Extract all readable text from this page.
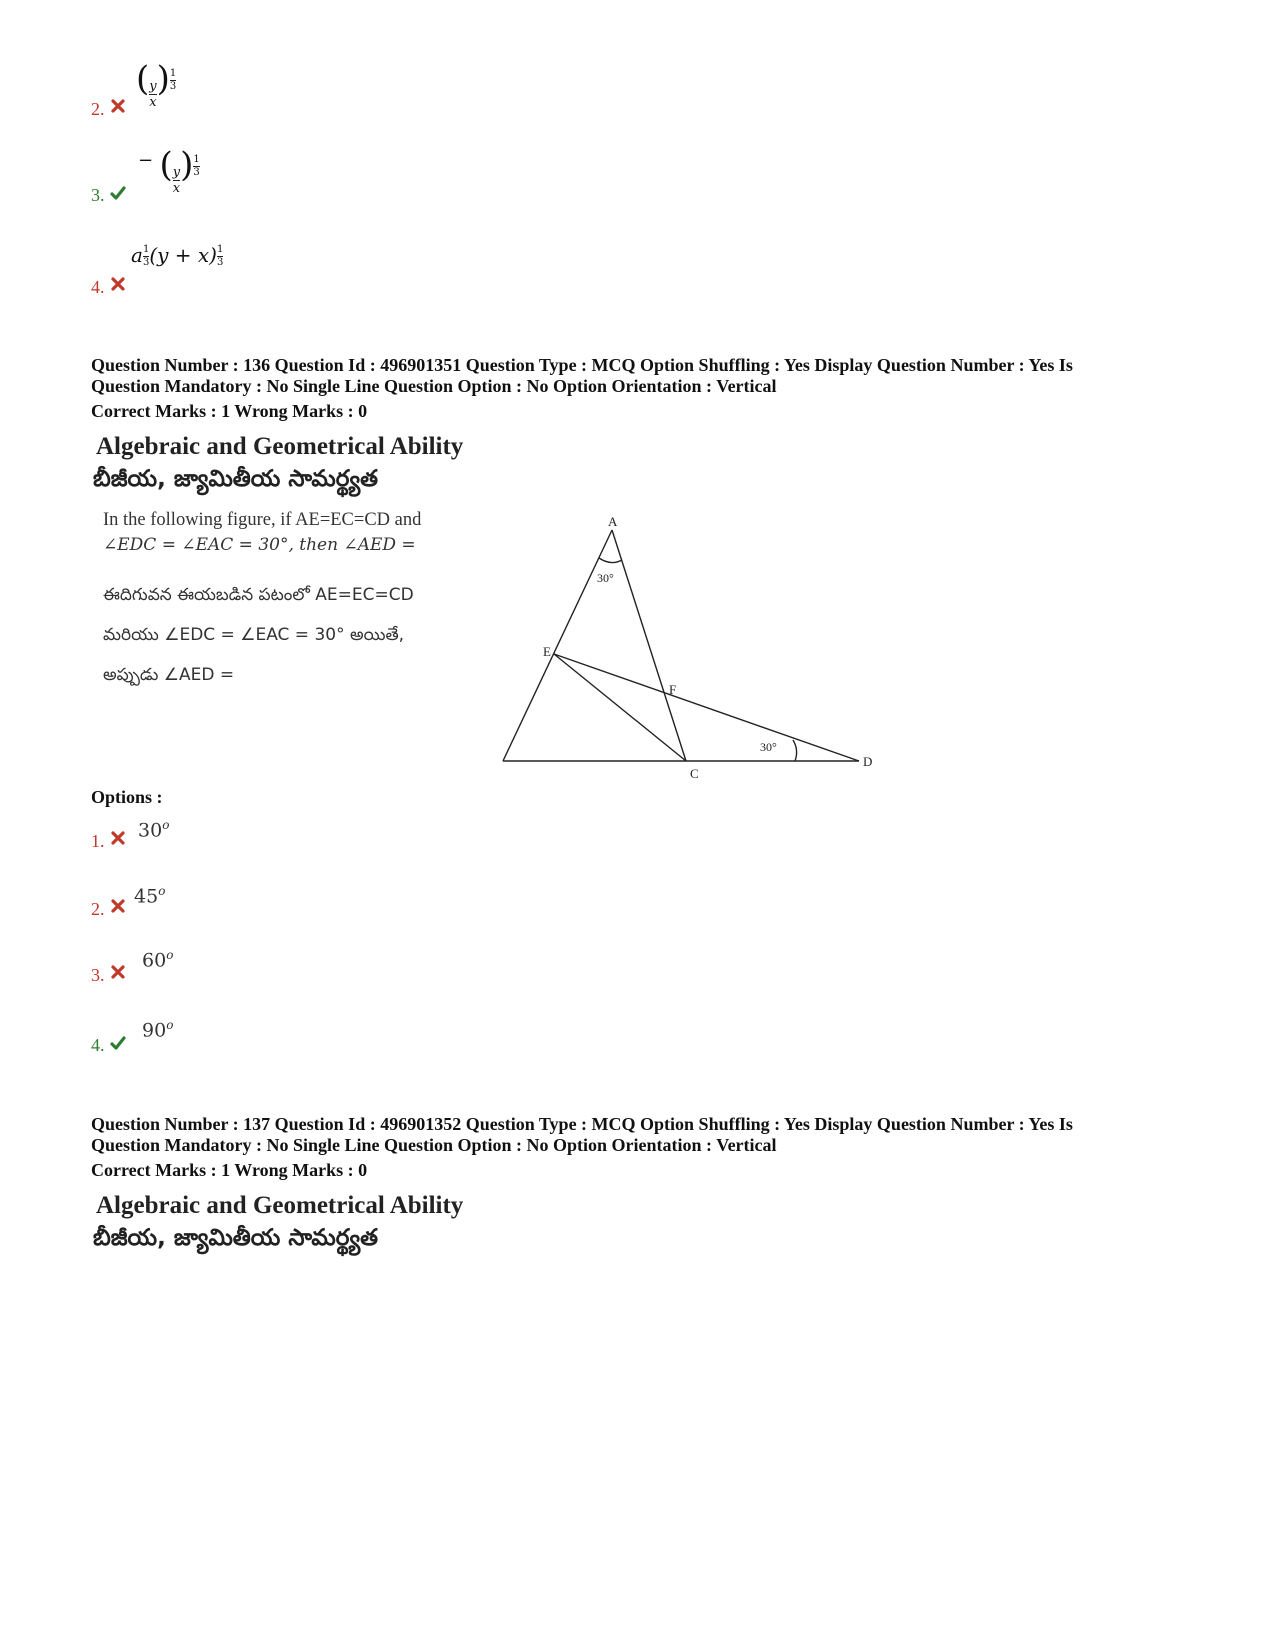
2.
( $\frac{y}{x}$ ) $\frac{1}{3}$
3.
− ( $\frac{y}{x}$ ) $\frac{1}{3}$
4.
a $\frac{1}{3} (y + x) \frac{1}{3}$
Question Number : 136 Question Id : 496901351 Question Type : MCQ Option Shuffling : Yes Display Question Number : Yes Is
Question Mandatory : No Single Line Question Option : No Option Orientation : Vertical
Correct Marks : 1 Wrong Marks : 0
Algebraic and Geometrical Ability
బీజీయ, జ్యామితీయ సామర్థ్యత
In the following figure, if AE=EC=CD and
∠EDC = ∠EAC = 30°, then ∠AED =
ఈదిగువన ఈయబడిన పటంలో AE=EC=CD
మరియు ∠EDC = ∠EAC = 30° అయితే,
అప్పుడు ∠AED =
A
E
F
C
D
30°
30°
Options :
1. 30$^o$
2.
45$^o$
3.
60$^o$
4.
90$^o$
Question Number : 137 Question Id : 496901352 Question Type : MCQ Option Shuffling : Yes Display Question Number : Yes Is
Question Mandatory : No Single Line Question Option : No Option Orientation : Vertical
Correct Marks : 1 Wrong Marks : 0
Algebraic and Geometrical Ability
బీజీయ, జ్యామితీయ సామర్థ్యత
